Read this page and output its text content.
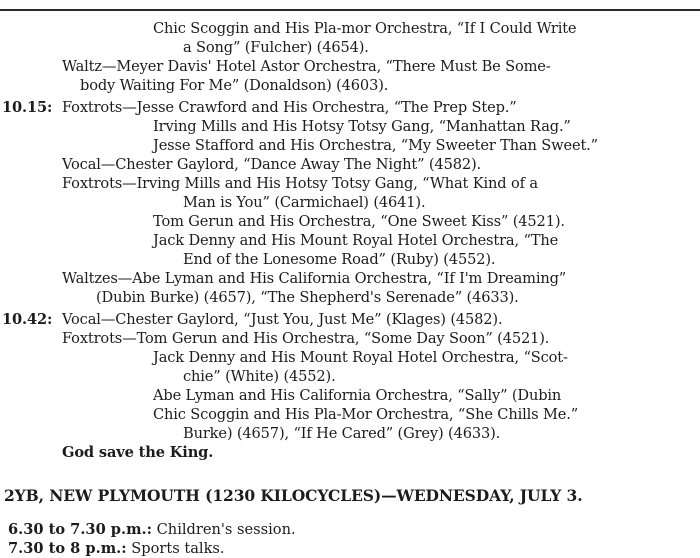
Chic Scoggin and His Pla-mor Orchestra, “If I Could Write
a Song” (Fulcher) (4654).
Waltz—Meyer Davis' Hotel Astor Orchestra, “There Must Be Some-
body Waiting For Me” (Donaldson) (4603).
10.15: Foxtrots—Jesse Crawford and His Orchestra, “The Prep Step.”
Irving Mills and His Hotsy Totsy Gang, “Manhattan Rag.”
Jesse Stafford and His Orchestra, “My Sweeter Than Sweet.”
Vocal—Chester Gaylord, “Dance Away The Night” (4582).
Foxtrots—Irving Mills and His Hotsy Totsy Gang, “What Kind of a
Man is You” (Carmichael) (4641).
Tom Gerun and His Orchestra, “One Sweet Kiss” (4521).
Jack Denny and His Mount Royal Hotel Orchestra, “The
End of the Lonesome Road” (Ruby) (4552).
Waltzes—Abe Lyman and His California Orchestra, “If I'm Dreaming”
(Dubin Burke) (4657), “The Shepherd's Serenade” (4633).
10.42: Vocal—Chester Gaylord, “Just You, Just Me” (Klages) (4582).
Foxtrots—Tom Gerun and His Orchestra, “Some Day Soon” (4521).
Jack Denny and His Mount Royal Hotel Orchestra, “Scot-
chie” (White) (4552).
Abe Lyman and His California Orchestra, “Sally” (Dubin
Chic Scoggin and His Pla-Mor Orchestra, “She Chills Me.”
Burke) (4657), “If He Cared” (Grey) (4633).
God save the King.
2YB, NEW PLYMOUTH (1230 KILOCYCLES)—WEDNESDAY, JULY 3.
6.30 to 7.30 p.m.: Children's session.
7.30 to 8 p.m.: Sports talks.
